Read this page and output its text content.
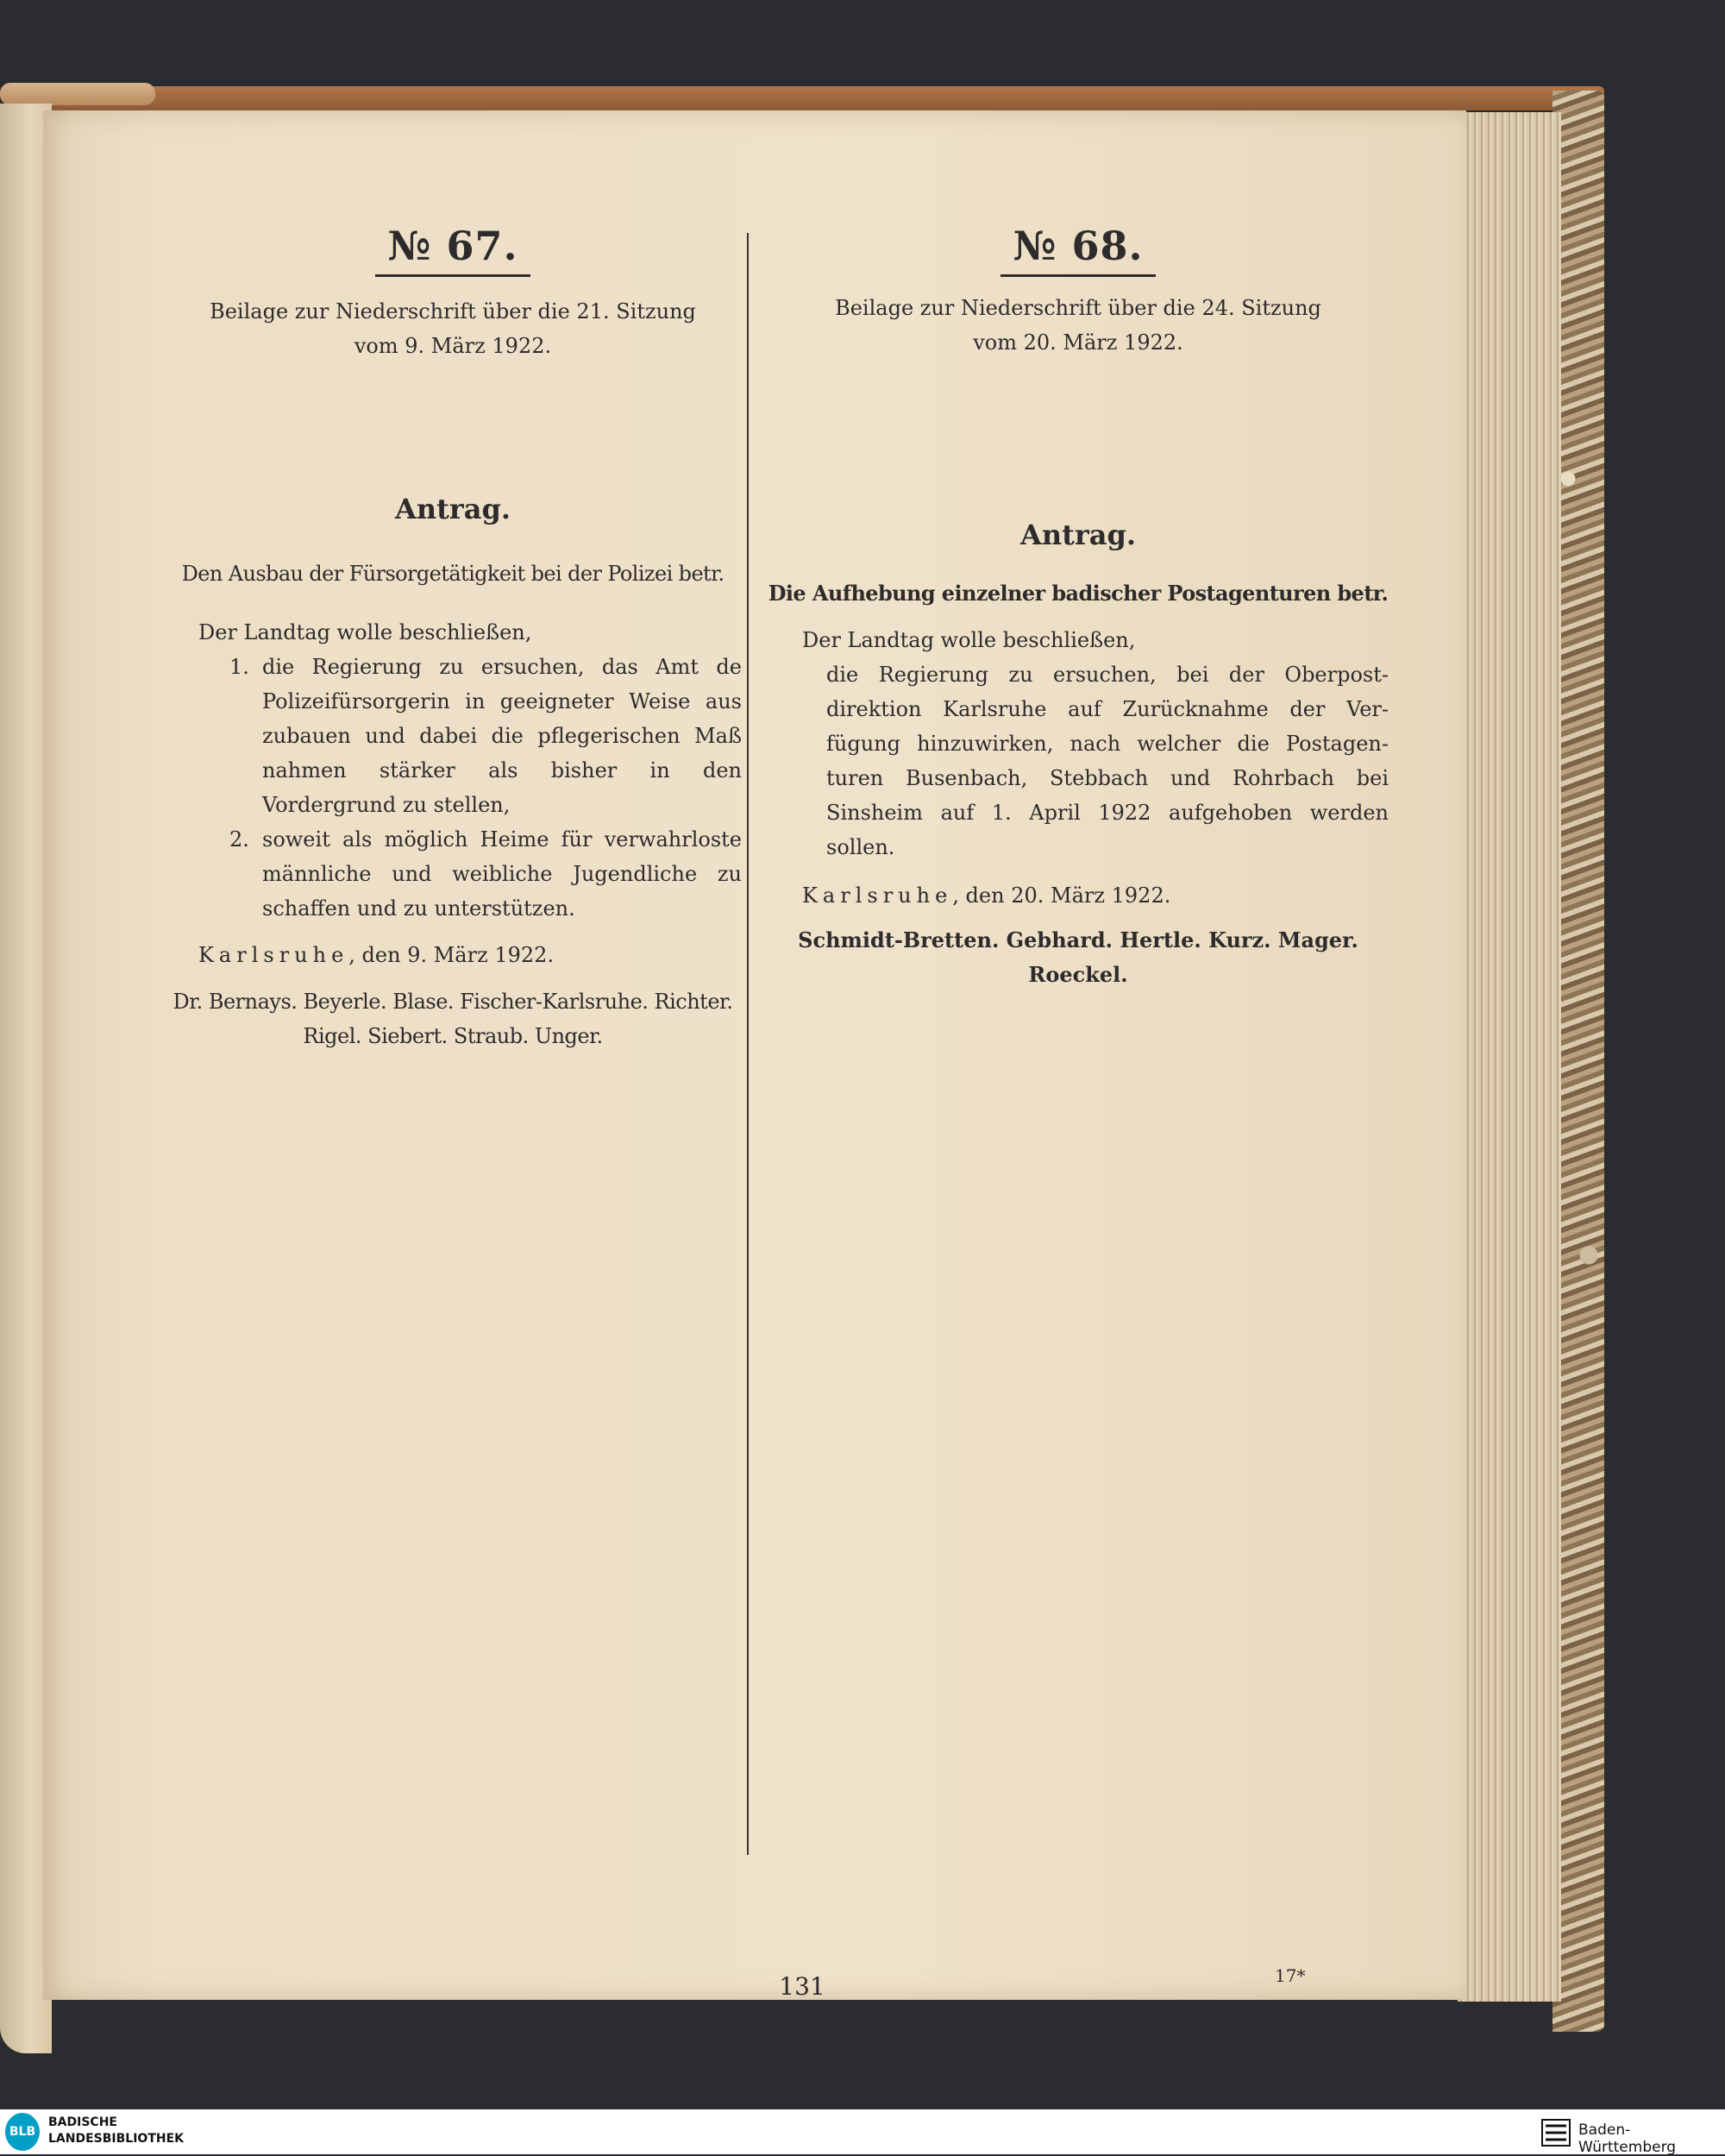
№ 67.

Beilage zur Niederschrift über die 21. Sitzung
vom 9. März 1922.
Antrag.
Den Ausbau der Fürsorgetätigkeit bei der Polizei betr.
Der Landtag wolle beschließen,
1. die Regierung zu ersuchen, das Amt de Polizeifürsorgerin in geeigneter Weise aus zubauen und dabei die pflegerischen Maß nahmen stärker als bisher in den Vordergrund zu stellen,
2. soweit als möglich Heime für verwahrloste männliche und weibliche Jugendliche zu schaffen und zu unterstützen.
Karlsruhe, den 9. März 1922.
Dr. Bernays. Beyerle. Blase. Fischer-Karlsruhe. Richter.
Rigel. Siebert. Straub. Unger.

№ 68.

Beilage zur Niederschrift über die 24. Sitzung
vom 20. März 1922.
Antrag.
Die Aufhebung einzelner badischer Postagenturen betr.
Der Landtag wolle beschließen,
die Regierung zu ersuchen, bei der Oberpost-direktion Karlsruhe auf Zurücknahme der Ver-fügung hinzuwirken, nach welcher die Postagen-turen Busenbach, Stebbach und Rohrbach bei Sinsheim auf 1. April 1922 aufgehoben werden sollen.
Karlsruhe, den 20. März 1922.
Schmidt-Bretten. Gebhard. Hertle. Kurz. Mager.
Roeckel.
131	17*
BLB
BADISCHE
LANDESBIBLIOTHEK	Baden-Württemberg
